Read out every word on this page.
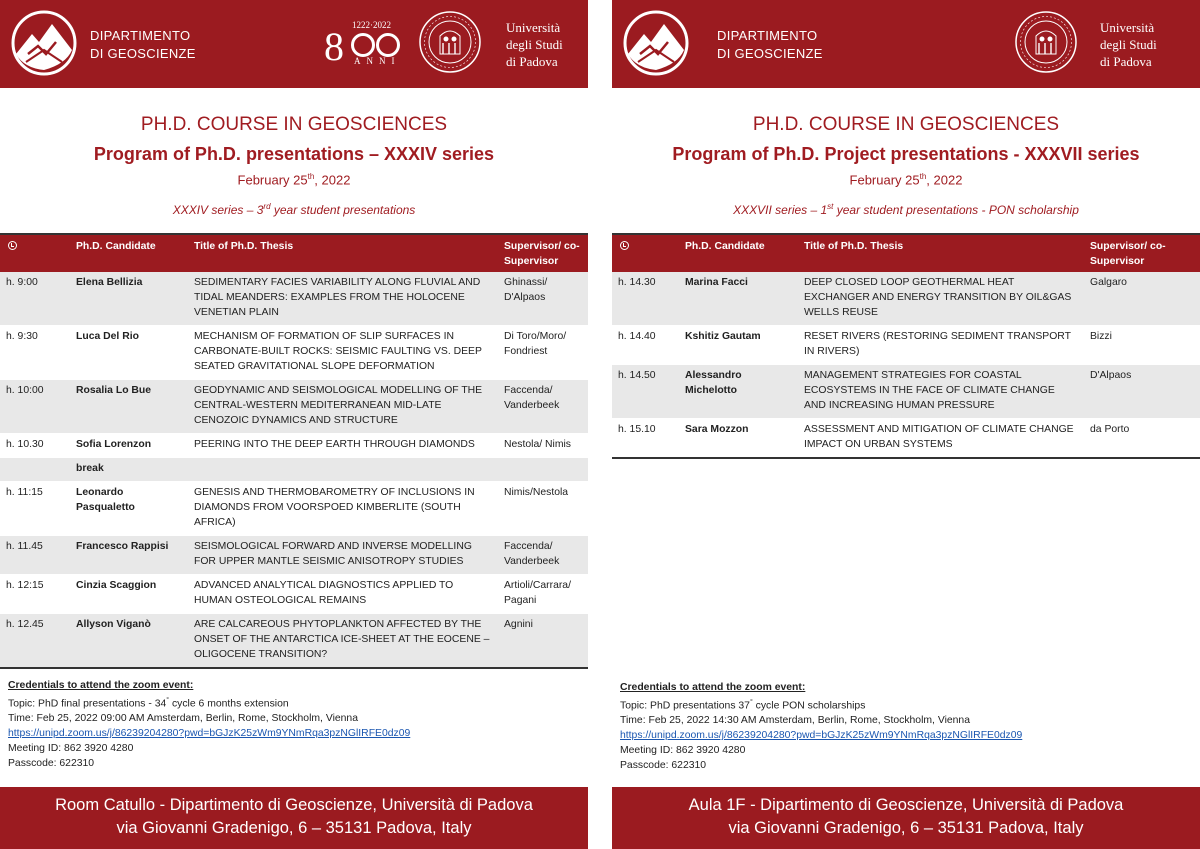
DIPARTIMENTO
DI GEOSCIENZE	8 1222·2022
ANNI
Università
degli Studi
di Padova
PH.D. COURSE IN GEOSCIENCES
Program of Ph.D. presentations – XXXIV series
February 25th, 2022
XXXIV series – 3rd year student presentations
	Ph.D. Candidate	Title of Ph.D. Thesis	Supervisor/ co-Supervisor
h. 9:00	Elena Bellizia	SEDIMENTARY FACIES VARIABILITY ALONG FLUVIAL AND TIDAL MEANDERS: EXAMPLES FROM THE HOLOCENE VENETIAN PLAIN	Ghinassi/ D'Alpaos
h. 9:30	Luca Del Rio	MECHANISM OF FORMATION OF SLIP SURFACES IN CARBONATE-BUILT ROCKS: SEISMIC FAULTING VS. DEEP SEATED GRAVITATIONAL SLOPE DEFORMATION	Di Toro/Moro/ Fondriest
h. 10:00	Rosalia Lo Bue	GEODYNAMIC AND SEISMOLOGICAL MODELLING OF THE CENTRAL-WESTERN MEDITERRANEAN MID-LATE CENOZOIC DYNAMICS AND STRUCTURE	Faccenda/ Vanderbeek
h. 10.30	Sofia Lorenzon	PEERING INTO THE DEEP EARTH THROUGH DIAMONDS	Nestola/ Nimis
	break		
h. 11:15	Leonardo Pasqualetto	GENESIS AND THERMOBAROMETRY OF INCLUSIONS IN DIAMONDS FROM VOORSPOED KIMBERLITE (SOUTH AFRICA)	Nimis/Nestola
h. 11.45	Francesco Rappisi	SEISMOLOGICAL FORWARD AND INVERSE MODELLING FOR UPPER MANTLE SEISMIC ANISOTROPY STUDIES	Faccenda/ Vanderbeek
h. 12:15	Cinzia Scaggion	ADVANCED ANALYTICAL DIAGNOSTICS APPLIED TO HUMAN OSTEOLOGICAL REMAINS	Artioli/Carrara/ Pagani
h. 12.45	Allyson Viganò	ARE CALCAREOUS PHYTOPLANKTON AFFECTED BY THE ONSET OF THE ANTARCTICA ICE-SHEET AT THE EOCENE – OLIGOCENE TRANSITION?	Agnini
Credentials to attend the zoom event:
Topic: PhD final presentations - 34° cycle 6 months extension
Time: Feb 25, 2022 09:00 AM Amsterdam, Berlin, Rome, Stockholm, Vienna
https://unipd.zoom.us/j/86239204280?pwd=bGJzK25zWm9YNmRqa3pzNGlIRFE0dz09
Meeting ID: 862 3920 4280
Passcode: 622310
Room Catullo - Dipartimento di Geoscienze, Università di Padova
via Giovanni Gradenigo, 6 – 35131 Padova, Italy
DIPARTIMENTO
DI GEOSCIENZE
Università
degli Studi
di Padova
PH.D. COURSE IN GEOSCIENCES
Program of Ph.D. Project presentations - XXXVII series
February 25th, 2022
XXXVII series – 1st year student presentations - PON scholarship
	Ph.D. Candidate	Title of Ph.D. Thesis	Supervisor/ co-Supervisor
h. 14.30	Marina Facci	DEEP CLOSED LOOP GEOTHERMAL HEAT EXCHANGER AND ENERGY TRANSITION BY OIL&GAS WELLS REUSE	Galgaro
h. 14.40	Kshitiz Gautam	RESET RIVERS (RESTORING SEDIMENT TRANSPORT IN RIVERS)	Bizzi
h. 14.50	Alessandro Michelotto	MANAGEMENT STRATEGIES FOR COASTAL ECOSYSTEMS IN THE FACE OF CLIMATE CHANGE AND INCREASING HUMAN PRESSURE	D'Alpaos
h. 15.10	Sara Mozzon	ASSESSMENT AND MITIGATION OF CLIMATE CHANGE IMPACT ON URBAN SYSTEMS	da Porto
Credentials to attend the zoom event:
Topic: PhD presentations 37° cycle PON scholarships
Time: Feb 25, 2022 14:30 AM Amsterdam, Berlin, Rome, Stockholm, Vienna
https://unipd.zoom.us/j/86239204280?pwd=bGJzK25zWm9YNmRqa3pzNGlIRFE0dz09
Meeting ID: 862 3920 4280
Passcode: 622310
Aula 1F - Dipartimento di Geoscienze, Università di Padova
via Giovanni Gradenigo, 6 – 35131 Padova, Italy
